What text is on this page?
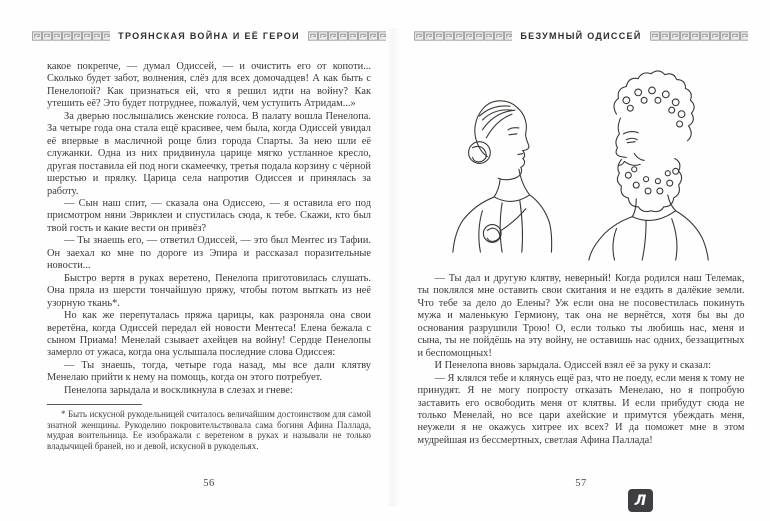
ТРОЯНСКАЯ ВОЙНА И ЕЁ ГЕРОИ

какое покрепче, — думал Одиссей, — и очистить его от копоти... Сколько будет забот, волнения, слёз для всех домочадцев! А как быть с Пенелопой? Как признаться ей, что я решил идти на войну? Как утешить её? Это будет потруднее, пожалуй, чем уступить Атридам...»

За дверью послышались женские голоса. В палату вошла Пенелопа. За четыре года она стала ещё красивее, чем была, когда Одиссей увидал её впервые в масличной роще близ города Спарты. За нею шли её служанки. Одна из них придвинула царице мягко устланное кресло, другая поставила ей под ноги скамеечку, третья подала корзину с чёрной шерстью и прялку. Царица села напротив Одиссея и принялась за работу.

— Сын наш спит, — сказала она Одиссею, — я оставила его под присмотром няни Эвриклеи и спустилась сюда, к тебе. Скажи, кто был твой гость и какие вести он привёз?

— Ты знаешь его, — ответил Одиссей, — это был Ментес из Тафии. Он заехал ко мне по дороге из Эпира и рассказал поразительные новости...

Быстро вертя в руках веретено, Пенелопа приготовилась слушать. Она пряла из шерсти тончайшую пряжу, чтобы потом выткать из неё узорную ткань*.

Но как же перепуталась пряжа царицы, как разроняла она свои веретёна, когда Одиссей передал ей новости Ментеса! Елена бежала с сыном Приама! Менелай сзывает ахейцев на войну! Сердце Пенелопы замерло от ужаса, когда она услышала последние слова Одиссея:

— Ты знаешь, тогда, четыре года назад, мы все дали клятву Менелаю прийти к нему на помощь, когда он этого потребует.

Пенелопа зарыдала и воскликнула в слезах и гневе:

* Быть искусной рукодельницей считалось величайшим достоинством для самой знатной женщины. Рукоделию покровительствовала сама богиня Афина Паллада, мудрая воительница. Ее изображали с веретеном в руках и называли не только владычицей браней, но и девой, искусной в рукодельях.

56
БЕЗУМНЫЙ ОДИССЕЙ

— Ты дал и другую клятву, неверный! Когда родился наш Телемак, ты поклялся мне оставить свои скитания и не ездить в далёкие земли. Что тебе за дело до Елены? Уж если она не посовестилась покинуть мужа и маленькую Гермиону, так она не вернётся, хотя бы вы до основания разрушили Трою! О, если только ты любишь нас, меня и сына, ты не пойдёшь на эту войну, не оставишь нас одних, беззащитных и беспомощных!

И Пенелопа вновь зарыдала. Одиссей взял её за руку и сказал:

— Я клялся тебе и клянусь ещё раз, что не поеду, если меня к тому не принудят. Я не могу попросту отказать Менелаю, но я попробую заставить его освободить меня от клятвы. И если прибудут сюда не только Менелай, но все цари ахейские и примутся убеждать меня, неужели я не окажусь хитрее их всех? И да поможет мне в этом мудрейшая из бессмертных, светлая Афина Паллада!

57
Л
